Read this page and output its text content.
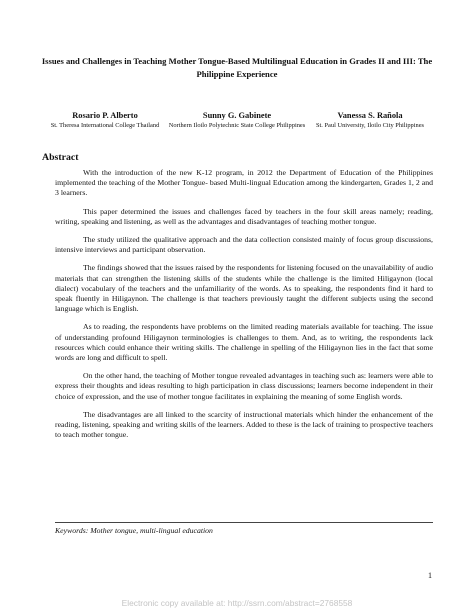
Issues and Challenges in Teaching Mother Tongue-Based Multilingual Education in Grades II and III: The Philippine Experience
Rosario P. Alberto
St. Theresa International College Thailand
Sunny G. Gabinete
Northern Iloilo Polytechnic State College Philippines
Vanessa S. Rañola
St. Paul University, Iloilo City Philippines
Abstract

With the introduction of the new K-12 program, in 2012 the Department of Education of the Philippines implemented the teaching of the Mother Tongue- based Multi-lingual Education among the kindergarten, Grades 1, 2 and 3 learners.

This paper determined the issues and challenges faced by teachers in the four skill areas namely; reading, writing, speaking and listening, as well as the advantages and disadvantages of teaching mother tongue.

The study utilized the qualitative approach and the data collection consisted mainly of focus group discussions, intensive interviews and participant observation.

The findings showed that the issues raised by the respondents for listening focused on the unavailability of audio materials that can strengthen the listening skills of the students while the challenge is the limited Hiligaynon (local dialect) vocabulary of the teachers and the unfamiliarity of the words. As to speaking, the respondents find it hard to speak fluently in Hiligaynon. The challenge is that teachers previously taught the different subjects using the second language which is English.

As to reading, the respondents have problems on the limited reading materials available for teaching. The issue of understanding profound Hiligaynon terminologies is challenges to them. And, as to writing, the respondents lack resources which could enhance their writing skills. The challenge in spelling of the Hiligaynon lies in the fact that some words are long and difficult to spell.

On the other hand, the teaching of Mother tongue revealed advantages in teaching such as: learners were able to express their thoughts and ideas resulting to high participation in class discussions; learners become independent in their choice of expression, and the use of mother tongue facilitates in explaining the meaning of some English words.

The disadvantages are all linked to the scarcity of instructional materials which hinder the enhancement of the reading, listening, speaking and writing skills of the learners. Added to these is the lack of training to prospective teachers to teach mother tongue.

Keywords: Mother tongue, multi-lingual education
1
Electronic copy available at: http://ssrn.com/abstract=2768558
